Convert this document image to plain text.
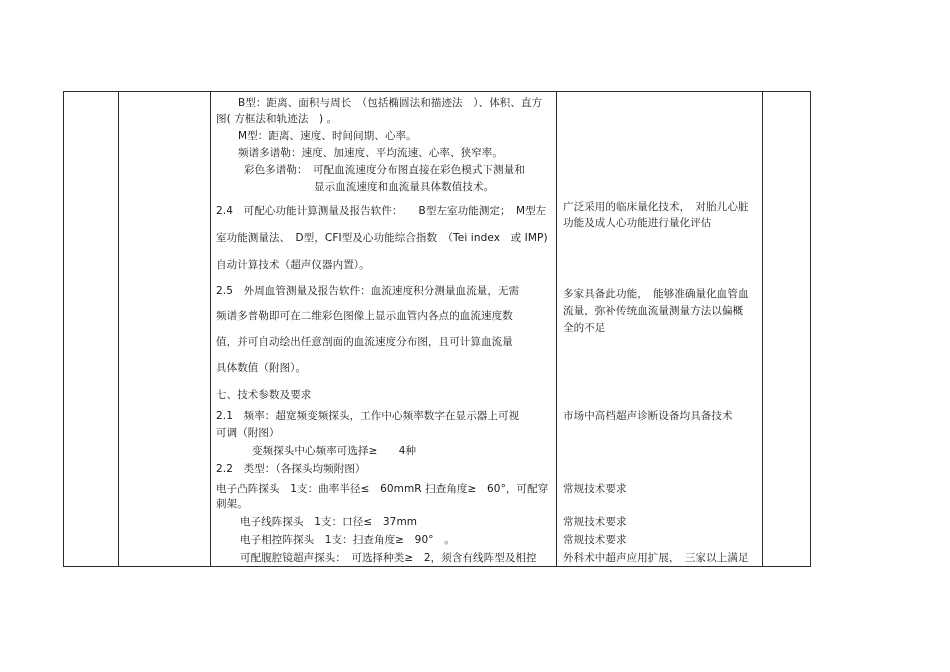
B型：距离、面积与周长　（包括椭圆法和描迹法　）、体积、直方
图( 方框法和轨迹法　) 。
M型：距离、速度、时间间期、心率。
频谱多谱勒：速度、加速度、平均流速、心率、狭窄率。
彩色多谱勒：　可配血流速度分布图直接在彩色模式下测量和
显示血流速度和血流量具体数值技术。
2.4　可配心功能计算测量及报告软件：　　B型左室功能测定；　M型左
室功能测量法、　D型，CFI型及心功能综合指数　（Tei index　或 IMP)
自动计算技术（超声仪器内置）。
2.5　外周血管测量及报告软件：血流速度积分测量血流量，无需
频谱多普勒即可在二维彩色图像上显示血管内各点的血流速度数
值，并可自动绘出任意剖面的血流速度分布图，且可计算血流量
具体数值（附图）。
七、技术参数及要求
2.1　频率：超宽频变频探头，工作中心频率数字在显示器上可视
可调（附图）
变频探头中心频率可选择≥　　4种
2.2　类型：（各探头均频附图）
电子凸阵探头　1支：曲率半径≤　60mmR 扫查角度≥　60°，可配穿
刺架。
电子线阵探头　1支：口径≤　37mm
电子相控阵探头　1支：扫查角度≥　90°　。
可配腹腔镜超声探头：　可选择种类≥　2，须含有线阵型及相控
广泛采用的临床量化技术，　对胎儿心脏
功能及成人心功能进行量化评估
多家具备此功能，　能够准确量化血管血
流量，弥补传统血流量测量方法以偏概
全的不足
市场中高档超声诊断设备均具备技术
常规技术要求
常规技术要求
常规技术要求
外科术中超声应用扩展，　三家以上满足
